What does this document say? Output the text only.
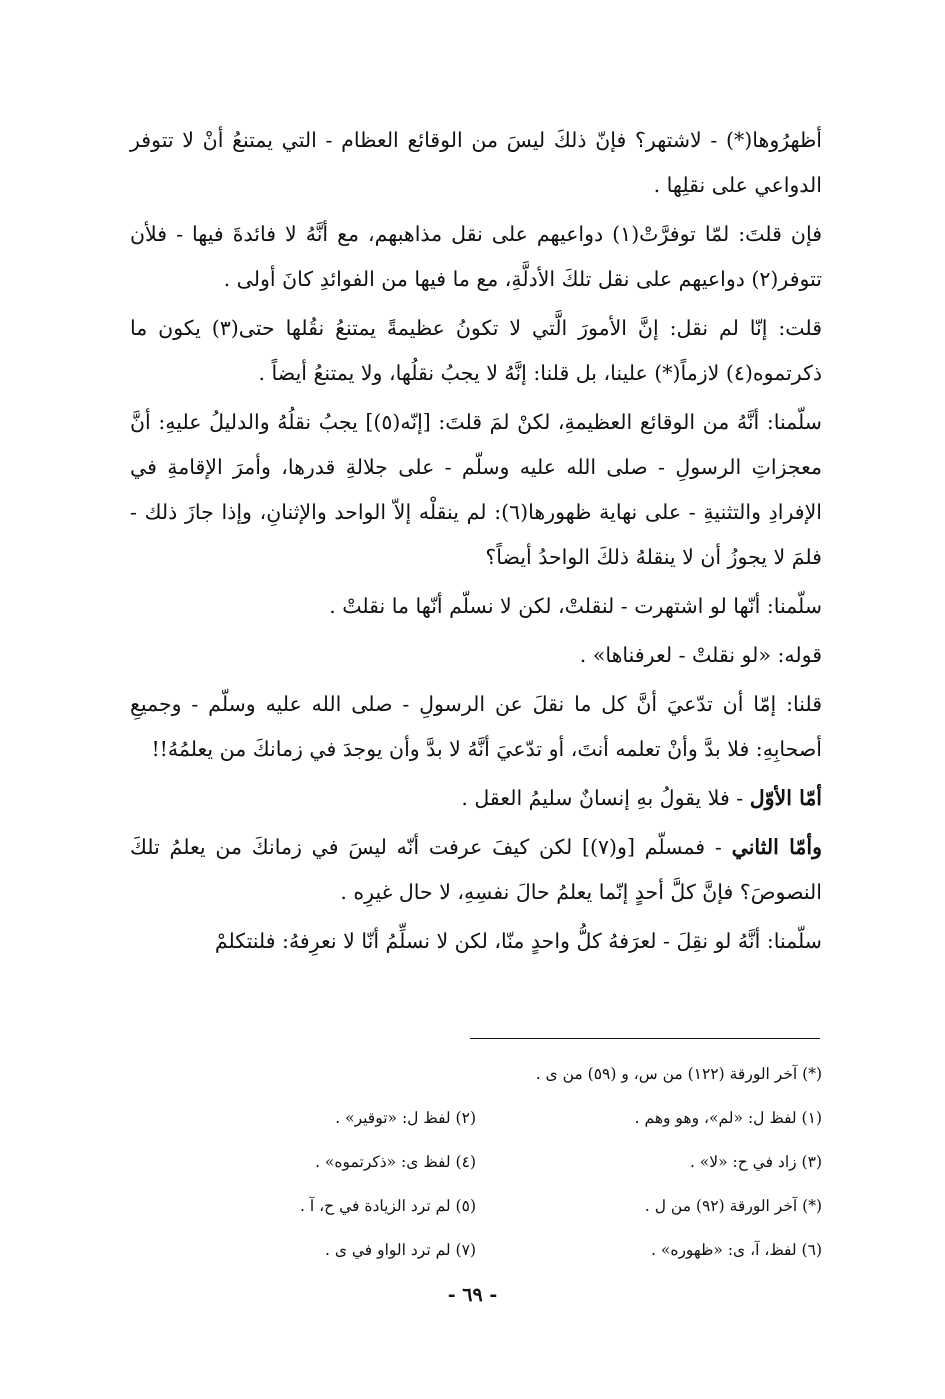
أظهرُوها(*) - لاشتهر؟ فإنّ ذلكَ ليسَ من الوقائع العظام - التي يمتنعُ أنْ لا تتوفر الدواعي على نقلِها .

فإن قلتَ: لمّا توفرَّتْ(١) دواعيهم على نقل مذاهبهم، مع أنَّهُ لا فائدةَ فيها - فلأن تتوفر(٢) دواعيهم على نقل تلكَ الأدلَّةِ، مع ما فيها من الفوائدِ كانَ أولى .

قلت: إنّا لم نقل: إنَّ الأمورَ الَّتي لا تكونُ عظيمةً يمتنعُ نقُلها حتى(٣) يكون ما ذكرتموه(٤) لازماً(*) علينا، بل قلنا: إنَّهُ لا يجبُ نقلُها، ولا يمتنعُ أيضاً .

سلّمنا: أنَّهُ من الوقائع العظيمةِ، لكنْ لمَ قلتَ: [إنّه(٥)] يجبُ نقلُهُ والدليلُ عليهِ: أنَّ معجزاتِ الرسولِ - صلى الله عليه وسلّم - على جلالةِ قدرها، وأمرَ الإقامةِ في الإفرادِ والتثنيةِ - على نهاية ظهورها(٦): لم ينقلْه إلاّ الواحد والإثنانِ، وإذا جازَ ذلك - فلمَ لا يجوزُ أن لا ينقلهُ ذلكَ الواحدُ أيضاً؟

سلّمنا: أنّها لو اشتهرت - لنقلتْ، لكن لا نسلّم أنّها ما نقلتْ .

قوله: «لو نقلتْ - لعرفناها» .

قلنا: إمّا أن تدّعيَ أنَّ كل ما نقلَ عن الرسولِ - صلى الله عليه وسلّم - وجميعِ أصحابِهِ: فلا بدَّ وأنْ تعلمه أنتَ، أو تدّعيَ أنَّهُ لا بدَّ وأن يوجدَ في زمانكَ من يعلمُهُ!!

أمّا الأوّل - فلا يقولُ بهِ إنسانٌ سليمُ العقل .

وأمّا الثاني - فمسلّم [و(٧)] لكن كيفَ عرفت أنّه ليسَ في زمانكَ من يعلمُ تلكَ النصوصَ؟ فإنَّ كلَّ أحدٍ إنّما يعلمُ حالَ نفسِهِ، لا حال غيرِه .

سلّمنا: أنَّهُ لو نقِلَ - لعرَفهُ كلُّ واحدٍ منّا، لكن لا نسلِّمُ أنّا لا نعرِفهُ: فلنتكلمْ

(*) آخر الورقة (١٢٢) من س، و (٥٩) من ى .

(١) لفظ ل: «لم»، وهو وهم .
(٢) لفظ ل: «توقير» .
(٣) زاد في ح: «لا» .
(٤) لفظ ى: «ذكرتموه» .
(*) آخر الورقة (٩٢) من ل .
(٥) لم ترد الزيادة في ح، آ .
(٦) لفظ، آ، ى: «ظهوره» .
(٧) لم ترد الواو في ى .
- ٦٩ -
